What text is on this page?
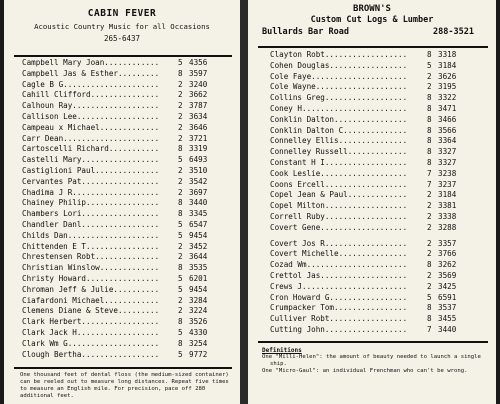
CABIN FEVER
Acoustic Country Music for all Occasions
265-6437
Campbell Mary Joan............ 5 4356
Campbell Jas & Esther......... 8 3597
Cagle B G..................... 2 3240
Cahill Clifford............... 2 3662
Calhoun Ray................... 2 3787
Callison Lee.................. 2 3634
Campeau x Michael............. 2 3646
Carr Dean..................... 2 3721
Cartoscelli Richard........... 8 3319
Castelli Mary................. 5 6493
Castiglioni Paul.............. 2 3510
Cervantes Pat................. 2 3542
Chadima J R................... 2 3697
Chainey Philip................ 8 3440
Chambers Lori................. 8 3345
Chandler Danl................. 5 6547
Childs Dan.................... 5 9454
Chittenden E T................ 2 3452
Chrestensen Robt.............. 2 3644
Christian Winslow............. 8 3535
Christy Howard................ 5 6201
Chroman Jeff & Julie.......... 5 9454
Ciafardoni Michael............ 2 3284
Clemens Diane & Steve......... 2 3224
Clark Herbert................. 8 3526
Clark Jack H.................. 5 4330
Clark Wm G.................... 8 3254
Clough Bertha................. 5 9772
One thousand feet of dental floss (the medium-sized container) can be reeled out to measure long distances. Repeat five times to measure an English mile. For precision, pace off 280 additional feet.
BROWN'S
Custom Cut Logs & Lumber
Bullards Bar Road	288-3521
Clayton Robt..................	8 3318
Cohen Douglas.................	5 3184
Cole Faye.....................	2 3626
Cole Wayne....................	2 3195
Collins Greg..................	8 3322
Coney H.......................	8 3471
Conklin Dalton................	8 3466
Conklin Dalton C..............	8 3566
Connelley Ellis...............	8 3364
Connelley Russell.............	8 3327
Constant H I..................	8 3327
Cook Leslie...................	7 3238
Coons Ercell..................	7 3237
Copel Jean & Paul.............	2 3184
Copel Milton..................	2 3381
Correll Ruby..................	2 3338
Covert Gene...................	2 3288
Covert Jos R..................	2 3357
Covert Michelle...............	2 3766
Cozad Wm......................	8 3262
Crettol Jas...................	2 3569
Crews J.......................	2 3425
Cron Howard G.................	5 6591
Crumpacker Tom................	8 3537
Culliver Robt.................	8 3455
Cutting John..................	7 3440
Definitions
One "Milli-Helen": the amount of beauty needed to launch a single ship.
One "Micro-Gaul": an individual Frenchman who can't be wrong.
